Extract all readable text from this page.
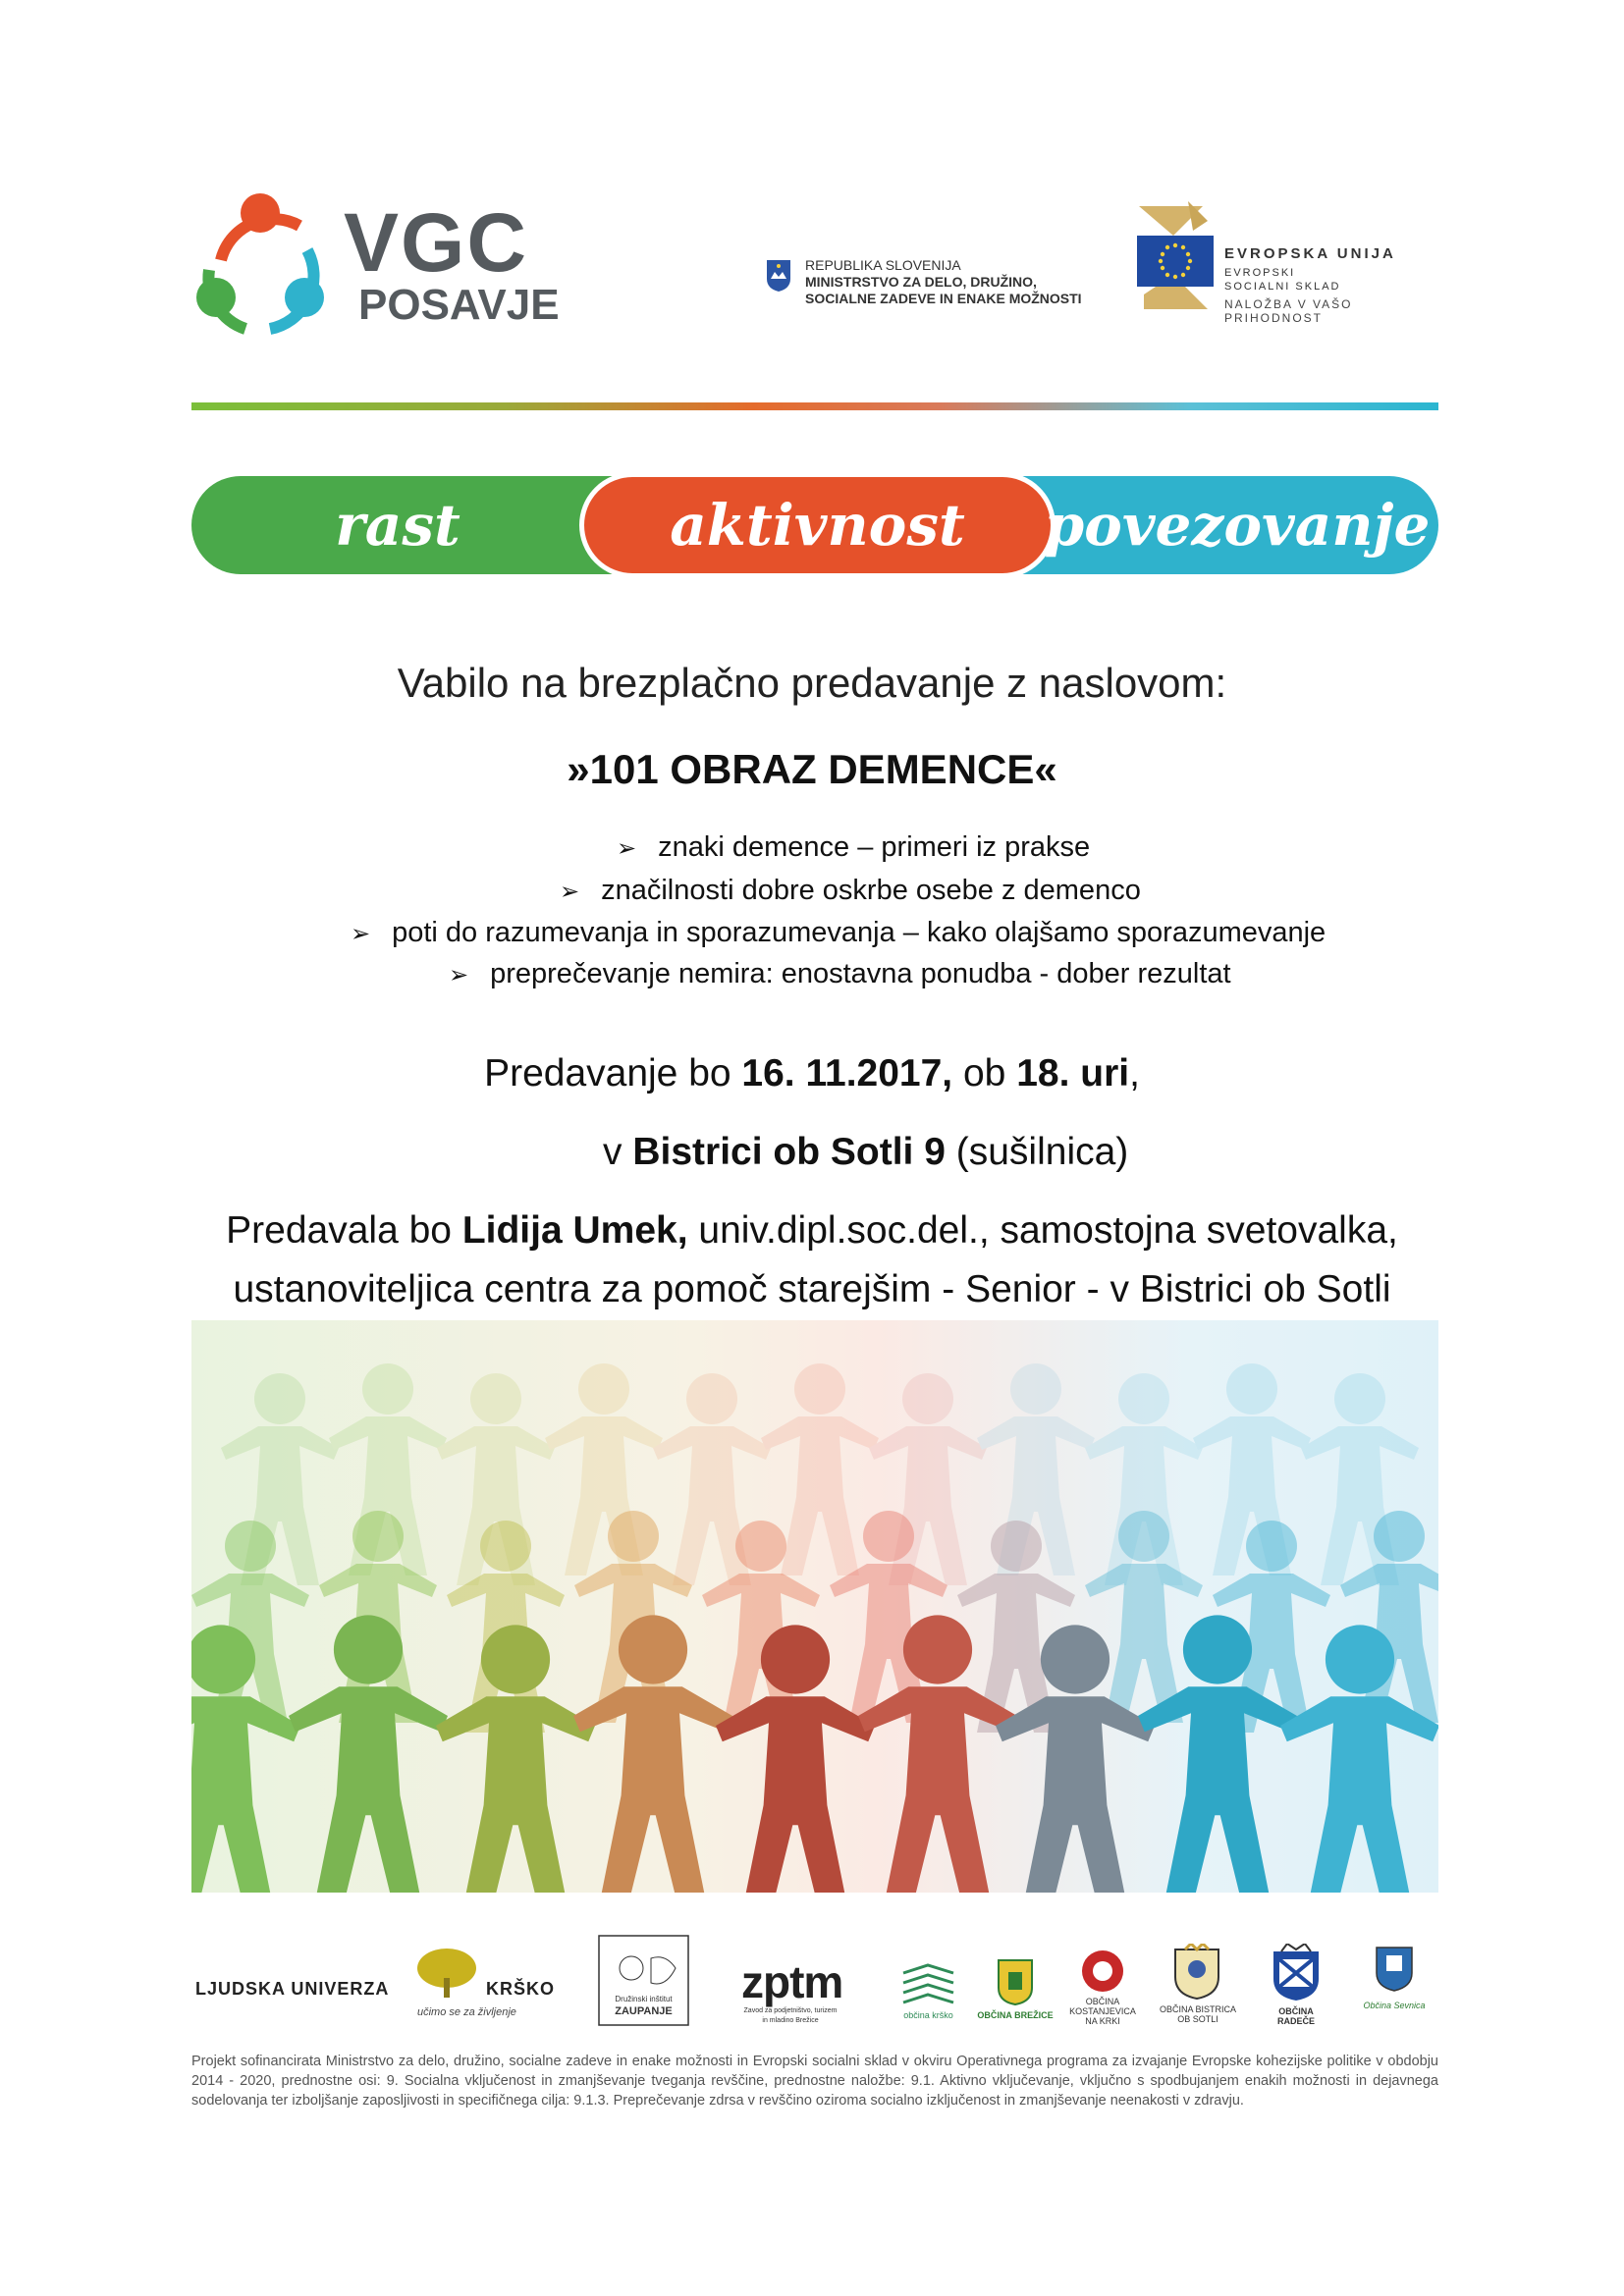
VGC
POSAVJE
REPUBLIKA SLOVENIJA
MINISTRSTVO ZA DELO, DRUŽINO,
SOCIALNE ZADEVE IN ENAKE MOŽNOSTI
EVROPSKA UNIJA
EVROPSKI
SOCIALNI SKLAD
NALOŽBA V VAŠO PRIHODNOST
rast	aktivnost	povezovanje
Vabilo na brezplačno predavanje z naslovom:
»101 OBRAZ DEMENCE«
➢ znaki demence – primeri iz prakse
➢ značilnosti dobre oskrbe osebe z demenco
➢ poti do razumevanja in sporazumevanja – kako olajšamo sporazumevanje
➢ preprečevanje nemira: enostavna ponudba - dober rezultat
Predavanje bo 16. 11.2017, ob 18. uri,
v Bistrici ob Sotli 9 (sušilnica)
Predavala bo Lidija Umek, univ.dipl.soc.del., samostojna svetovalka,
ustanoviteljica centra za pomoč starejšim - Senior - v Bistrici ob Sotli
LJUDSKA UNIVERZA
učimo se za življenje
KRŠKO
Družinski inštitut
ZAUPANJE
zptm
Zavod za podjetništvo, turizem in mladino Brežice
občina krško	OBČINA BREŽICE
OBČINA KOSTANJEVICA NA KRKI
OBČINA BISTRICA OB SOTLI
OBČINA RADEČE
Občina Sevnica
Projekt sofinancirata Ministrstvo za delo, družino, socialne zadeve in enake možnosti in Evropski socialni sklad v okviru Operativnega programa za izvajanje Evropske kohezijske politike v obdobju 2014 - 2020, prednostne osi: 9. Socialna vključenost in zmanjševanje tveganja revščine, prednostne naložbe: 9.1. Aktivno vključevanje, vključno s spodbujanjem enakih možnosti in dejavnega sodelovanja ter izboljšanje zaposljivosti in specifičnega cilja: 9.1.3. Preprečevanje zdrsa v revščino oziroma socialno izključenost in zmanjševanje neenakosti v zdravju.
